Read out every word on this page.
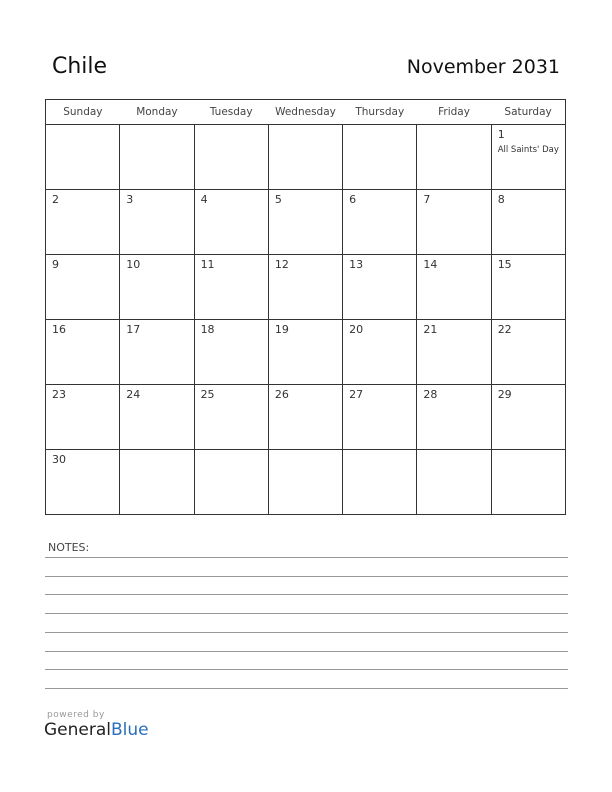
Chile	November 2031
Sunday	Monday	Tuesday	Wednesday	Thursday	Friday	Saturday

						1
All Saints' Day

2	3	4	5	6	7	8

9	10	11	12	13	14	15

16	17	18	19	20	21	22

23	24	25	26	27	28	29

30						

NOTES:
powered by
GeneralBlue
